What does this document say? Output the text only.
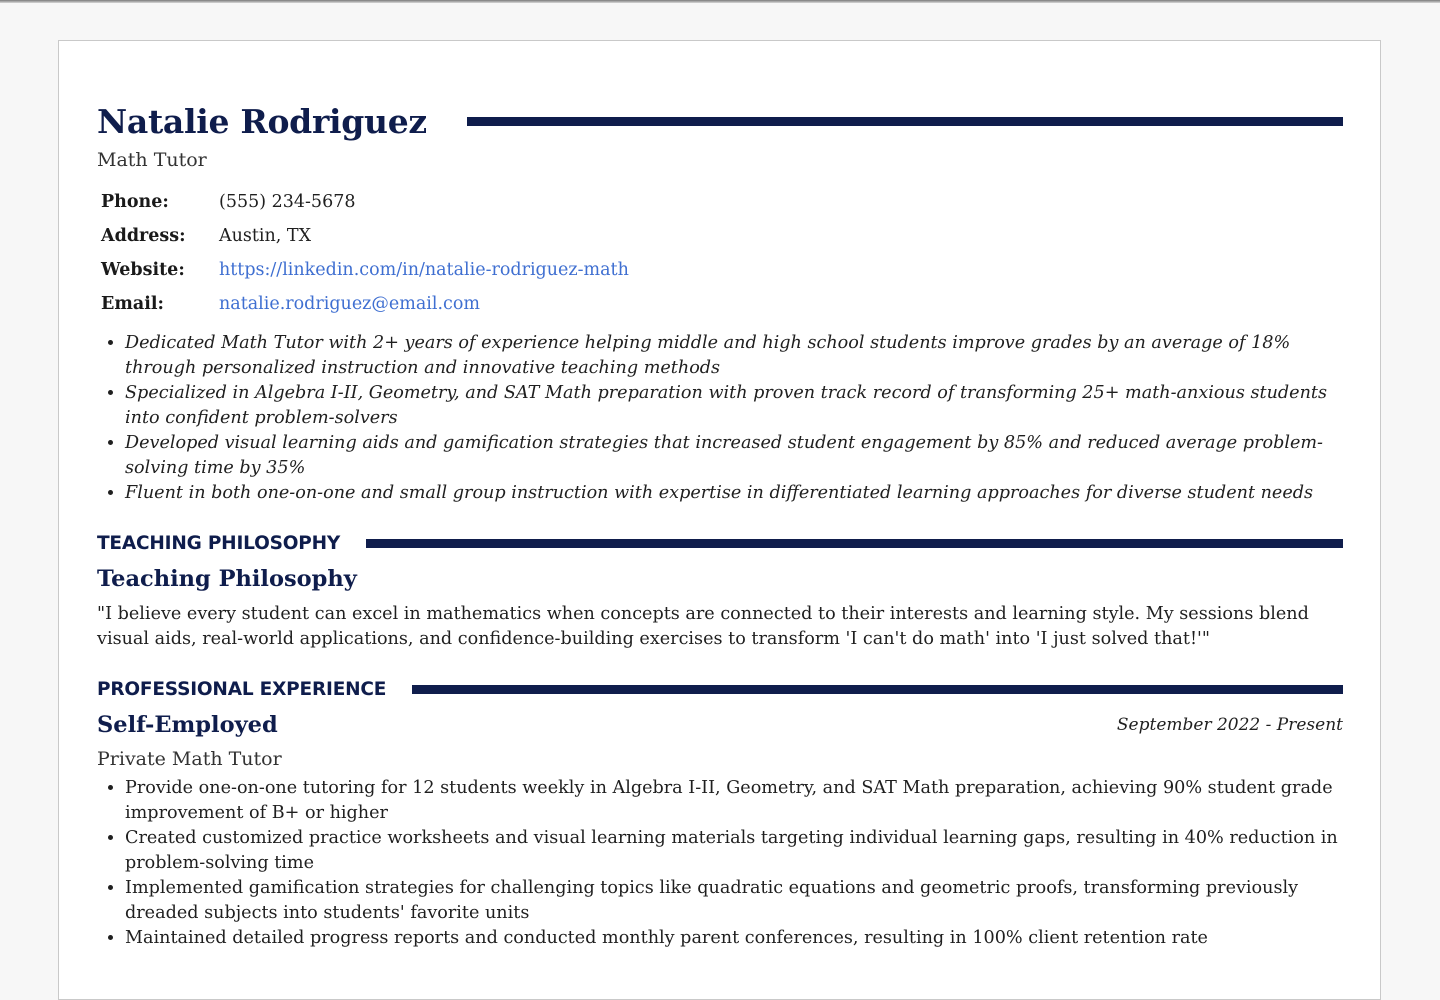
Natalie Rodriguez
Math Tutor
Phone:	(555) 234-5678
Address:	Austin, TX
Website:	https://linkedin.com/in/natalie-rodriguez-math
Email:	natalie.rodriguez@email.com
• Dedicated Math Tutor with 2+ years of experience helping middle and high school students improve grades by an average of 18% through personalized instruction and innovative teaching methods
• Specialized in Algebra I-II, Geometry, and SAT Math preparation with proven track record of transforming 25+ math-anxious students into confident problem-solvers
• Developed visual learning aids and gamification strategies that increased student engagement by 85% and reduced average problem-solving time by 35%
• Fluent in both one-on-one and small group instruction with expertise in differentiated learning approaches for diverse student needs
TEACHING PHILOSOPHY
Teaching Philosophy
"I believe every student can excel in mathematics when concepts are connected to their interests and learning style. My sessions blend visual aids, real-world applications, and confidence-building exercises to transform 'I can't do math' into 'I just solved that!'"
PROFESSIONAL EXPERIENCE
Self-Employed	September 2022 - Present
Private Math Tutor
• Provide one-on-one tutoring for 12 students weekly in Algebra I-II, Geometry, and SAT Math preparation, achieving 90% student grade improvement of B+ or higher
• Created customized practice worksheets and visual learning materials targeting individual learning gaps, resulting in 40% reduction in problem-solving time
• Implemented gamification strategies for challenging topics like quadratic equations and geometric proofs, transforming previously dreaded subjects into students' favorite units
• Maintained detailed progress reports and conducted monthly parent conferences, resulting in 100% client retention rate
